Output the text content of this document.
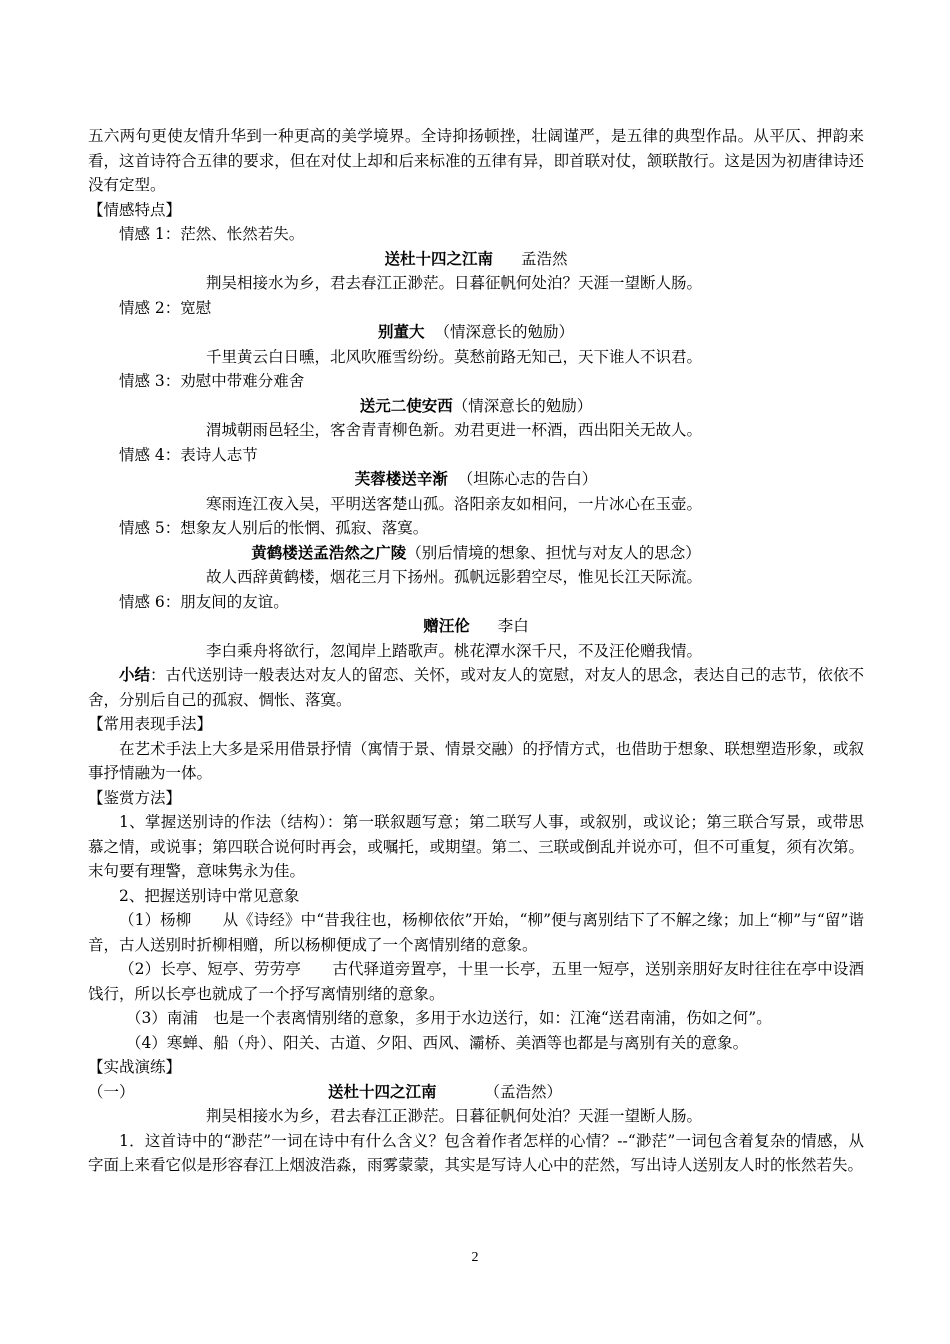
五六两句更使友情升华到一种更高的美学境界。全诗抑扬顿挫，壮阔谨严，是五律的典型作品。从平仄、押韵来看，这首诗符合五律的要求，但在对仗上却和后来标准的五律有异，即首联对仗，颔联散行。这是因为初唐律诗还没有定型。

【情感特点】

情感 1：茫然、怅然若失。

送杜十四之江南 孟浩然

荆吴相接水为乡，君去春江正渺茫。日暮征帆何处泊？天涯一望断人肠。

情感 2：宽慰

别董大 （情深意长的勉励）

千里黄云白日曛，北风吹雁雪纷纷。莫愁前路无知己，天下谁人不识君。

情感 3：劝慰中带难分难舍

送元二使安西（情深意长的勉励）

渭城朝雨邑轻尘，客舍青青柳色新。劝君更进一杯酒，西出阳关无故人。

情感 4：表诗人志节

芙蓉楼送辛渐 （坦陈心志的告白）

寒雨连江夜入吴，平明送客楚山孤。洛阳亲友如相问，一片冰心在玉壶。

情感 5：想象友人别后的怅惘、孤寂、落寞。

黄鹤楼送孟浩然之广陵（别后情境的想象、担忧与对友人的思念）

故人西辞黄鹤楼，烟花三月下扬州。孤帆远影碧空尽，惟见长江天际流。

情感 6：朋友间的友谊。

赠汪伦 李白

李白乘舟将欲行，忽闻岸上踏歌声。桃花潭水深千尺，不及汪伦赠我情。

小结：古代送别诗一般表达对友人的留恋、关怀，或对友人的宽慰，对友人的思念，表达自己的志节，依依不舍，分别后自己的孤寂、惆怅、落寞。

【常用表现手法】

在艺术手法上大多是采用借景抒情（寓情于景、情景交融）的抒情方式，也借助于想象、联想塑造形象，或叙事抒情融为一体。

【鉴赏方法】

1、掌握送别诗的作法（结构）：第一联叙题写意；第二联写人事，或叙别，或议论；第三联合写景，或带思慕之情，或说事；第四联合说何时再会，或嘱托，或期望。第二、三联或倒乱并说亦可，但不可重复，须有次第。末句要有理警，意味隽永为佳。

2、把握送别诗中常见意象

（1）杨柳　　从《诗经》中“昔我往也，杨柳依依”开始，“柳”便与离别结下了不解之缘；加上“柳”与“留”谐音，古人送别时折柳相赠，所以杨柳便成了一个离情别绪的意象。

（2）长亭、短亭、劳劳亭　　古代驿道旁置亭，十里一长亭，五里一短亭，送别亲朋好友时往往在亭中设酒饯行，所以长亭也就成了一个抒写离情别绪的意象。

（3）南浦　也是一个表离情别绪的意象，多用于水边送行，如：江淹“送君南浦，伤如之何”。

（4）寒蝉、船（舟）、阳关、古道、夕阳、西风、灞桥、美酒等也都是与离别有关的意象。

【实战演练】

（一）	送杜十四之江南	（孟浩然）

荆吴相接水为乡，君去春江正渺茫。日暮征帆何处泊？天涯一望断人肠。

1．这首诗中的“渺茫”一词在诗中有什么含义？包含着作者怎样的心情？--“渺茫”一词包含着复杂的情感，从字面上来看它似是形容春江上烟波浩淼，雨雾蒙蒙，其实是写诗人心中的茫然，写出诗人送别友人时的怅然若失。

2
